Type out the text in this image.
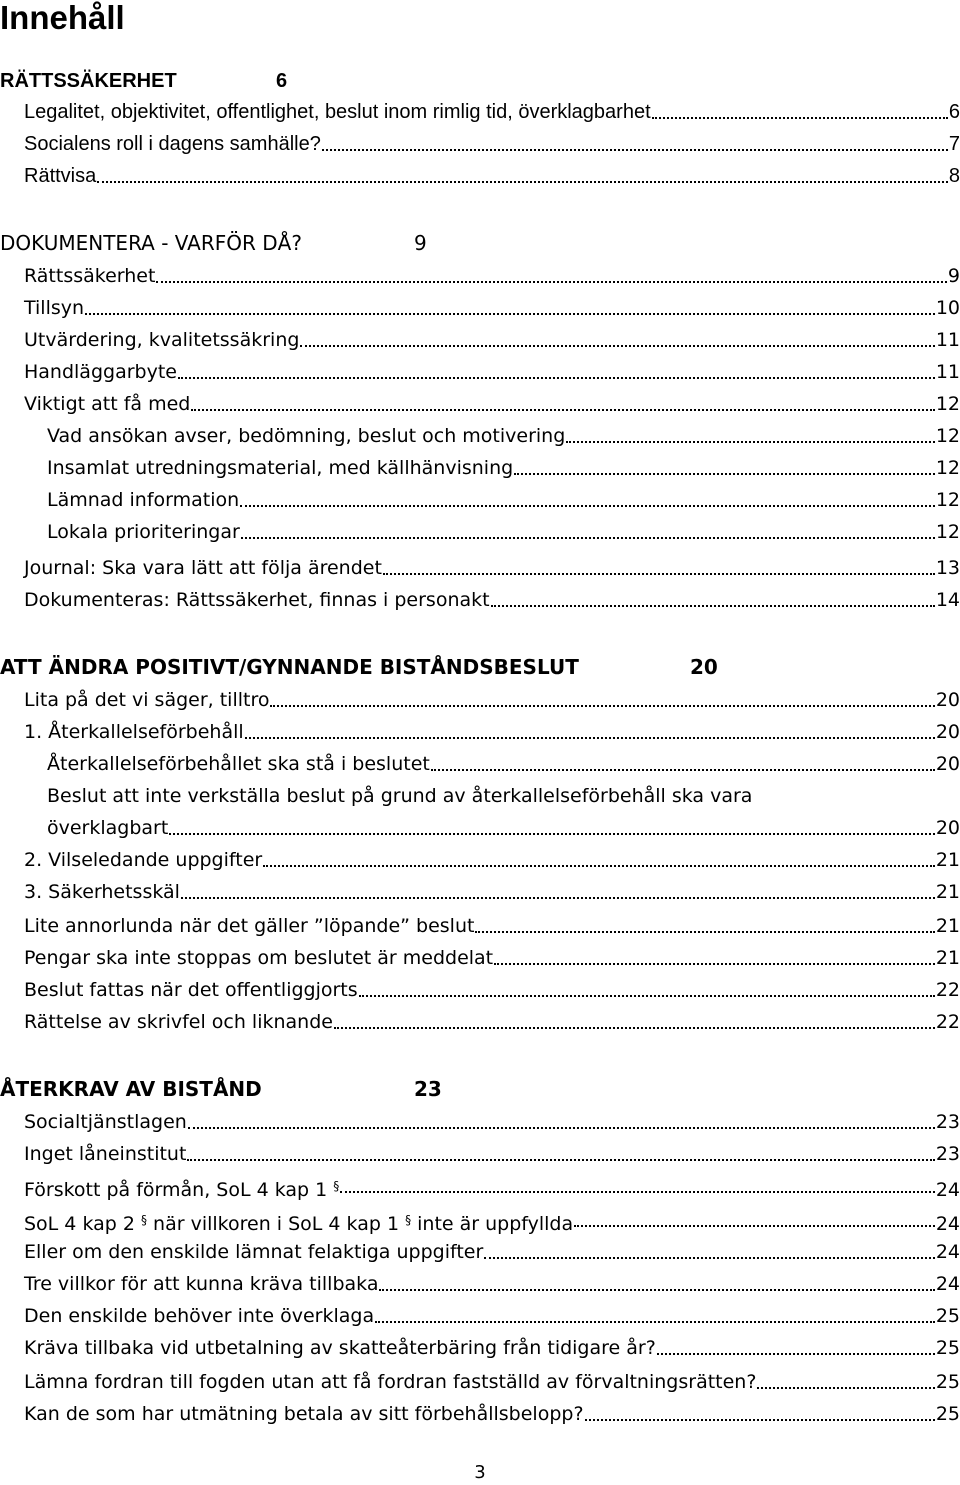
Innehåll
RÄTTSSÄKERHET	6
Legalitet, objektivitet, offentlighet, beslut inom rimlig tid, överklagbarhet	6
Socialens roll i dagens samhälle?	7
Rättvisa	8
DOKUMENTERA - VARFÖR DÅ?	9
Rättssäkerhet	9
Tillsyn	10
Utvärdering, kvalitetssäkring	11
Handläggarbyte	11
Viktigt att få med	12
Vad ansökan avser, bedömning, beslut och motivering	12
Insamlat utredningsmaterial, med källhänvisning	12
Lämnad information	12
Lokala prioriteringar	12
Journal: Ska vara lätt att följa ärendet	13
Dokumenteras: Rättssäkerhet, finnas i personakt	14
ATT ÄNDRA POSITIVT/GYNNANDE BISTÅNDSBESLUT	20
Lita på det vi säger, tilltro	20
1. Återkallelseförbehåll	20
Återkallelseförbehållet ska stå i beslutet	20
Beslut att inte verkställa beslut på grund av återkallelseförbehåll ska vara
överklagbart	20
2. Vilseledande uppgifter	21
3. Säkerhetsskäl	21
Lite annorlunda när det gäller ”löpande” beslut	21
Pengar ska inte stoppas om beslutet är meddelat	21
Beslut fattas när det offentliggjorts	22
Rättelse av skrivfel och liknande	22
ÅTERKRAV AV BISTÅND	23
Socialtjänstlagen	23
Inget låneinstitut	23
Förskott på förmån, SoL 4 kap 1 §	24
SoL 4 kap 2 § när villkoren i SoL 4 kap 1 § inte är uppfyllda	24
Eller om den enskilde lämnat felaktiga uppgifter	24
Tre villkor för att kunna kräva tillbaka	24
Den enskilde behöver inte överklaga	25
Kräva tillbaka vid utbetalning av skatteåterbäring från tidigare år?	25
Lämna fordran till fogden utan att få fordran fastställd av förvaltningsrätten?	25
Kan de som har utmätning betala av sitt förbehållsbelopp?	25
3
